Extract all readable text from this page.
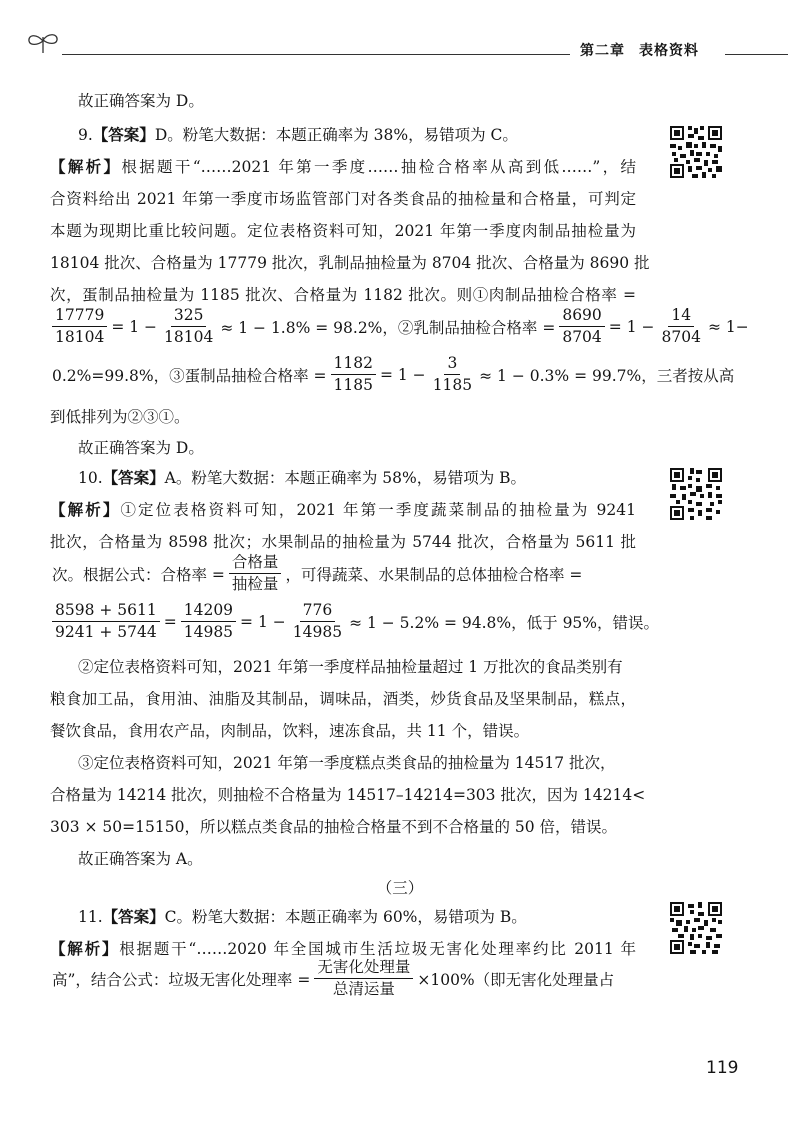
第二章 表格资料
故正确答案为 D。
9.【答案】D。粉笔大数据：本题正确率为 38%，易错项为 C。
【解析】根据题干“……2021 年第一季度……抽检合格率从高到低……”，结
合资料给出 2021 年第一季度市场监管部门对各类食品的抽检量和合格量，可判定
本题为现期比重比较问题。定位表格资料可知，2021 年第一季度肉制品抽检量为
18104 批次、合格量为 17779 批次，乳制品抽检量为 8704 批次、合格量为 8690 批
次，蛋制品抽检量为 1185 批次、合格量为 1182 批次。则①肉制品抽检合格率 =
$\frac{17779}{18104} = 1 - \frac{325}{18104} \approx 1 - 1.8\% = 98.2\%$，②乳制品抽检合格率 = $\frac{8690}{8704} = 1 - \frac{14}{8704} \approx 1-$
0.2%=99.8%，③蛋制品抽检合格率 = $\frac{1182}{1185} = 1 - \frac{3}{1185} \approx 1 - 0.3\% = 99.7\%$，三者按从高
到低排列为②③①。
故正确答案为 D。
10.【答案】A。粉笔大数据：本题正确率为 58%，易错项为 B。
【解析】①定位表格资料可知，2021 年第一季度蔬菜制品的抽检量为 9241
批次，合格量为 8598 批次；水果制品的抽检量为 5744 批次，合格量为 5611 批
次。根据公式：合格率 = $\frac{\text{合格量}}{\text{抽检量}}$ ，可得蔬菜、水果制品的总体抽检合格率 =
$\frac{8598 + 5611}{9241 + 5744} = \frac{14209}{14985} = 1 - \frac{776}{14985} \approx 1 - 5.2\% = 94.8\%$，低于 95%，错误。
②定位表格资料可知，2021 年第一季度样品抽检量超过 1 万批次的食品类别有
粮食加工品，食用油、油脂及其制品，调味品，酒类，炒货食品及坚果制品，糕点，
餐饮食品，食用农产品，肉制品，饮料，速冻食品，共 11 个，错误。
③定位表格资料可知，2021 年第一季度糕点类食品的抽检量为 14517 批次，
合格量为 14214 批次，则抽检不合格量为 14517–14214=303 批次，因为 14214<
303 × 50=15150，所以糕点类食品的抽检合格量不到不合格量的 50 倍，错误。
故正确答案为 A。
（三）
11.【答案】C。粉笔大数据：本题正确率为 60%，易错项为 B。
【解析】根据题干“……2020 年全国城市生活垃圾无害化处理率约比 2011 年
高”，结合公式：垃圾无害化处理率 = $\frac{\text{无害化处理量}}{\text{总清运量}} \times 100\%$（即无害化处理量占
119
